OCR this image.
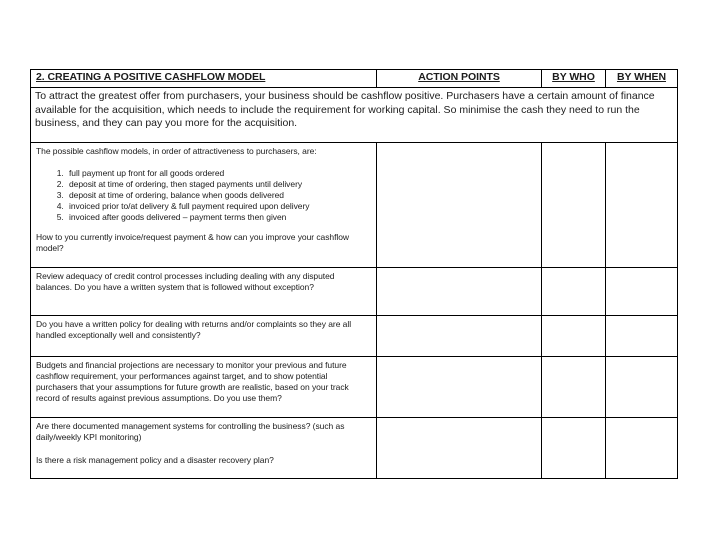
2. CREATING A POSITIVE CASHFLOW MODEL	ACTION POINTS	BY WHO	BY WHEN
To attract the greatest offer from purchasers, your business should be cashflow positive. Purchasers have a certain amount of finance available for the acquisition, which needs to include the requirement for working capital. So minimise the cash they need to run the business, and they can pay you more for the acquisition.			

The possible cashflow models, in order of attractiveness to purchasers, are:

1. full payment up front for all goods ordered
2. deposit at time of ordering, then staged payments until delivery
3. deposit at time of ordering, balance when goods delivered
4. invoiced prior to/at delivery & full payment required upon delivery
5. invoiced after goods delivered – payment terms then given

How to you currently invoice/request payment & how can you improve your cashflow model?

Review adequacy of credit control processes including dealing with any disputed balances. Do you have a written system that is followed without exception?			
Do you have a written policy for dealing with returns and/or complaints so they are all handled exceptionally well and consistently?			
Budgets and financial projections are necessary to monitor your previous and future cashflow requirement, your performances against target, and to show potential purchasers that your assumptions for future growth are realistic, based on your track record of results against previous assumptions. Do you use them?			

Are there documented management systems for controlling the business? (such as daily/weekly KPI monitoring)

Is there a risk management policy and a disaster recovery plan?			
